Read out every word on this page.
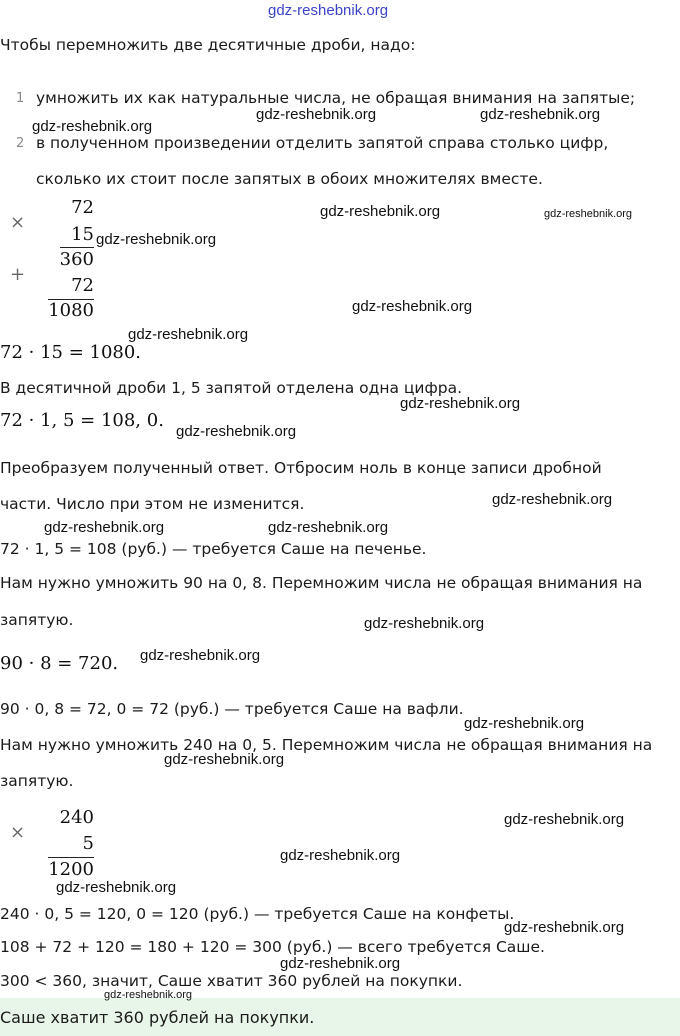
gdz-reshebnik.org
Чтобы перемножить две десятичные дроби, надо:
1 умножить их как натуральные числа, не обращая внимания на запятые;
2 в полученном произведении отделить запятой справа столько цифр,
сколько их стоит после запятых в обоих множителях вместе.
×
72
15
360
+
72
1080
72 · 15 = 1080.
В десятичной дроби 1, 5 запятой отделена одна цифра.
72 · 1, 5 = 108, 0.
Преобразуем полученный ответ. Отбросим ноль в конце записи дробной
части. Число при этом не изменится.
72 · 1, 5 = 108 (руб.) — требуется Саше на печенье.
Нам нужно умножить 90 на 0, 8. Перемножим числа не обращая внимания на
запятую.
90 · 8 = 720.
90 · 0, 8 = 72, 0 = 72 (руб.) — требуется Саше на вафли.
Нам нужно умножить 240 на 0, 5. Перемножим числа не обращая внимания на
запятую.
×
240
5
1200
240 · 0, 5 = 120, 0 = 120 (руб.) — требуется Саше на конфеты.
108 + 72 + 120 = 180 + 120 = 300 (руб.) — всего требуется Саше.
300 < 360, значит, Саше хватит 360 рублей на покупки.
Саше хватит 360 рублей на покупки.
gdz-reshebnik.org
gdz-reshebnik.org	gdz-reshebnik.org
gdz-reshebnik.org	gdz-reshebnik.org
gdz-reshebnik.org
gdz-reshebnik.org
gdz-reshebnik.org
gdz-reshebnik.org
gdz-reshebnik.org
gdz-reshebnik.org
gdz-reshebnik.org	gdz-reshebnik.org
gdz-reshebnik.org
gdz-reshebnik.org
gdz-reshebnik.org
gdz-reshebnik.org
gdz-reshebnik.org
gdz-reshebnik.org
gdz-reshebnik.org
gdz-reshebnik.org
gdz-reshebnik.org
gdz-reshebnik.org
